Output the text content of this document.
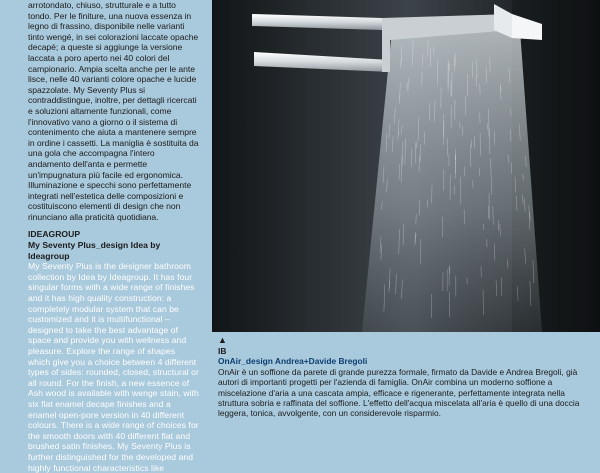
arrotondato, chiuso, strutturale e a tutto tondo. Per le finiture, una nuova essenza in legno di frassino, disponibile nelle varianti tinto wengé, in sei colorazioni laccate opache decapé; a queste si aggiunge la versione laccata a poro aperto nei 40 colori del campionario. Ampia scelta anche per le ante lisce, nelle 40 varianti colore opache e lucide spazzolate. My Seventy Plus si contraddistingue, inoltre, per dettagli ricercati e soluzioni altamente funzionali, come l'innovativo vano a giorno o il sistema di contenimento che aiuta a mantenere sempre in ordine i cassetti. La maniglia è sostituita da una gola che accompagna l'intero andamento dell'anta e permette un'impugnatura più facile ed ergonomica. Illuminazione e specchi sono perfettamente integrati nell'estetica delle composizioni e costituiscono elementi di design che non rinunciano alla praticità quotidiana.
IDEAGROUP
My Seventy Plus_design Idea by Ideagroup
My Seventy Plus is the designer bathroom collection by Idea by Ideagroup. It has four singular forms with a wide range of finishes and it has high quality construction: a completely modular system that can be customized and it is multifunctional – designed to take the best advantage of space and provide you with wellness and pleasure. Explore the range of shapes which give you a choice between 4 different types of sides: rounded, closed, structural or all round. For the finish, a new essence of Ash wood is available with wenge stain, with six flat enamel decape finishes and a enamel open-pore version in 40 different colours. There is a wide range of choices for the smooth doors with 40 different flat and brushed satin finishes. My Seventy Plus is further distinguished for the developed and highly functional characteristics like
▲
IB
OnAir_design Andrea+Davide Bregoli
OnAir è un soffione da parete di grande purezza formale, firmato da Davide e Andrea Bregoli, già autori di importanti progetti per l'azienda di famiglia. OnAir combina un moderno soffione a miscelazione d'aria a una cascata ampia, efficace e rigenerante, perfettamente integrata nella struttura sobria e raffinata del soffione. L'effetto dell'acqua miscelata all'aria è quello di una doccia leggera, tonica, avvolgente, con un considerevole risparmio.
